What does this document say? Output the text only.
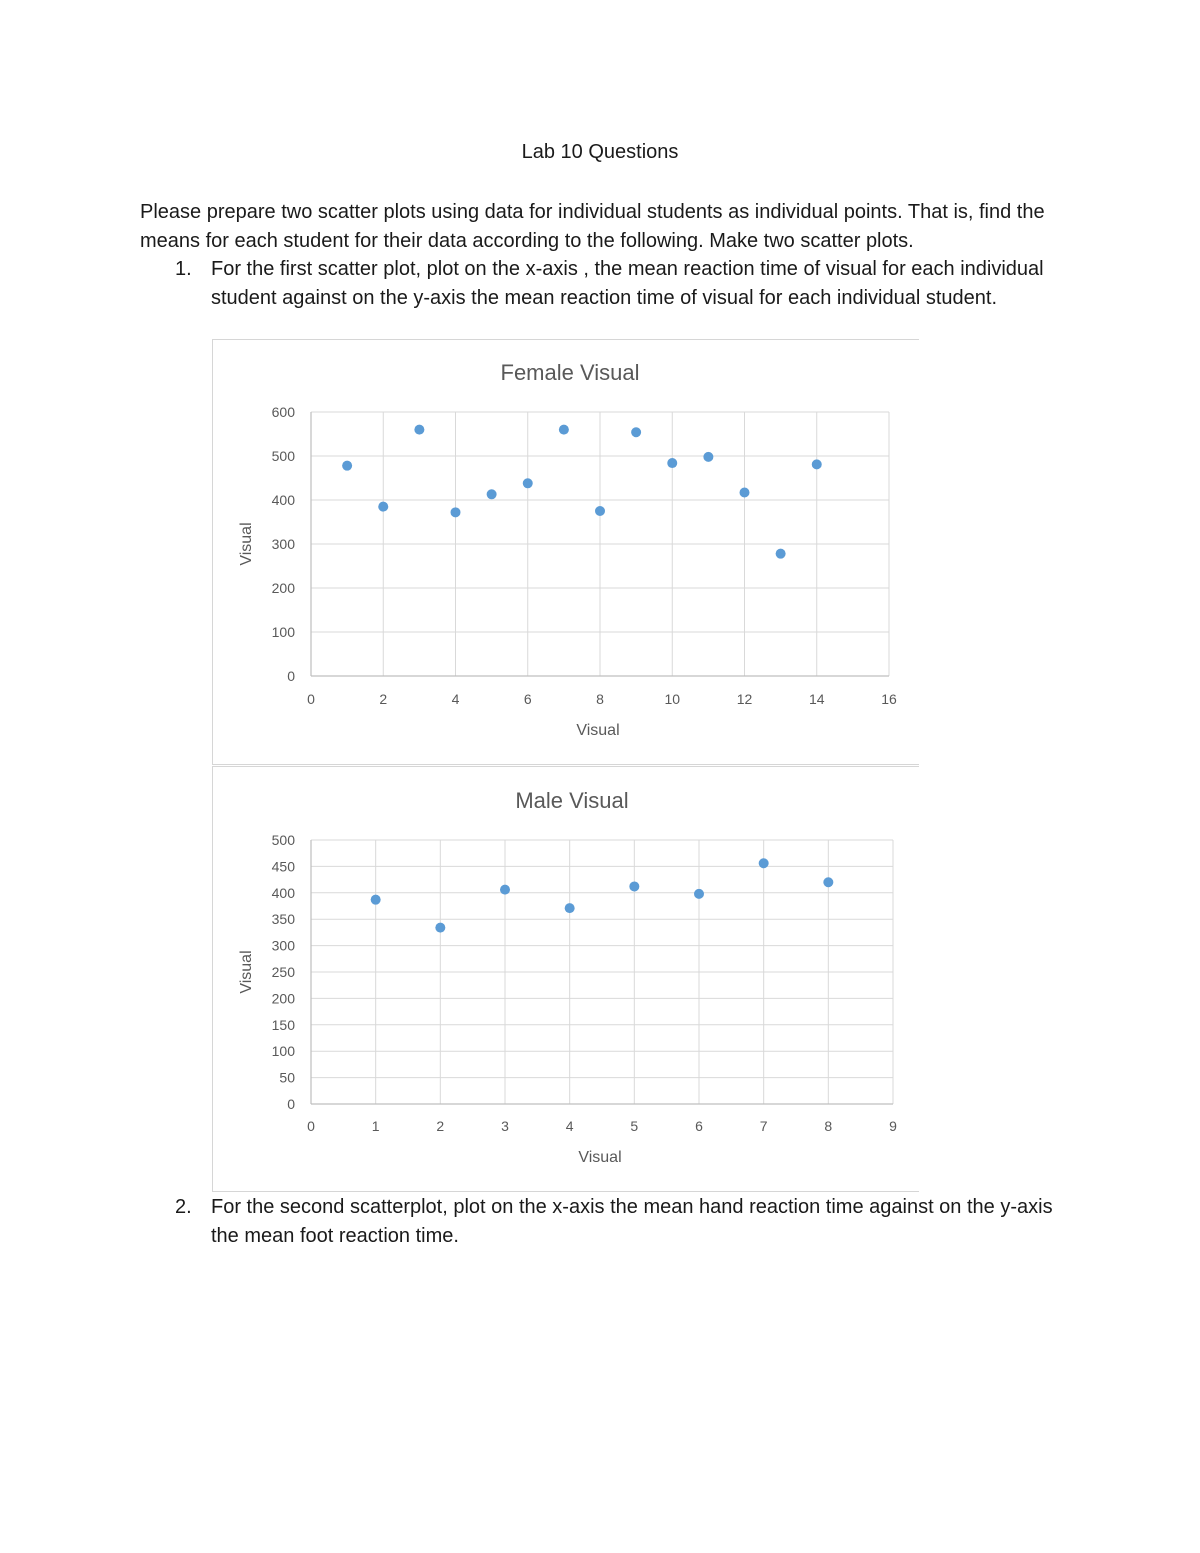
Lab 10 Questions
Please prepare two scatter plots using data for individual students as individual points. That is, find the means for each student for their data according to the following. Make two scatter plots.
1. For the first scatter plot, plot on the x-axis , the mean reaction time of visual for each individual student against on the y-axis the mean reaction time of visual for each individual student.
Female Visual
0
100
200
300
400
500
600
0	2	4	6	8	10	12	14	16
Visual
Visual
Male Visual
0
50
100
150
200
250
300
350
400
450
500
0	1	2	3	4	5	6	7	8	9
Visual
Visual
2. For the second scatterplot, plot on the x-axis the mean hand reaction time against on the y-axis the mean foot reaction time.
